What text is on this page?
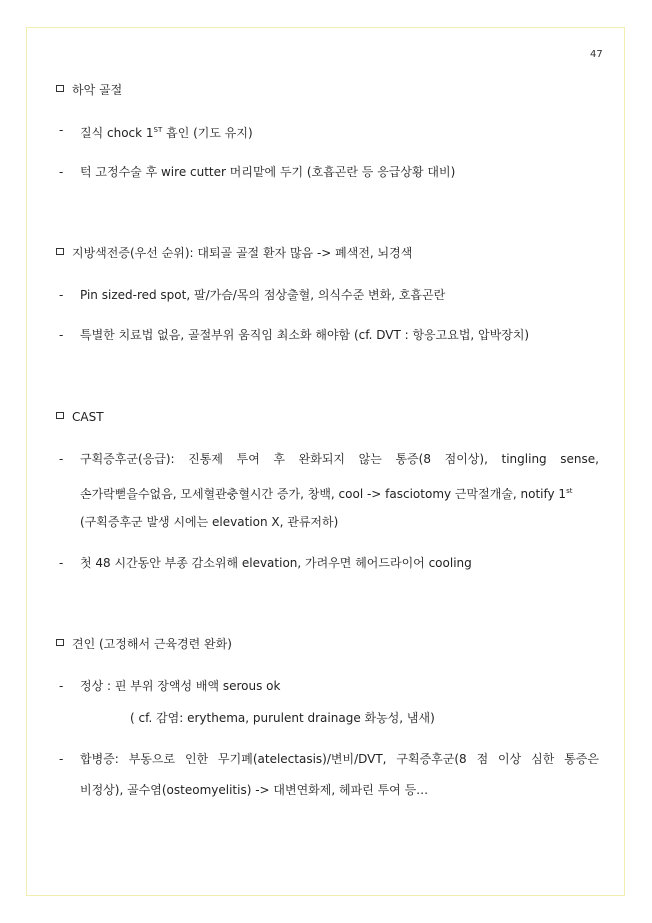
47
하악 골절
- 질식 chock 1ST 흡인 (기도 유지)
- 턱 고정수술 후 wire cutter 머리맡에 두기 (호흡곤란 등 응급상황 대비)
지방색전증(우선 순위): 대퇴골 골절 환자 많음 -> 폐색전, 뇌경색
- Pin sized-red spot, 팔/가슴/목의 점상출혈, 의식수준 변화, 호흡곤란
- 특별한 치료법 없음, 골절부위 움직임 최소화 해야함 (cf. DVT : 항응고요법, 압박장치)
CAST
- 구획증후군(응급): 진통제 투여 후 완화되지 않는 통증(8 점이상), tingling sense,
손가락뻗을수없음, 모세혈관충혈시간 증가, 창백, cool -> fasciotomy 근막절개술, notify 1st
(구획증후군 발생 시에는 elevation X, 관류저하)
- 첫 48 시간동안 부종 감소위해 elevation, 가려우면 헤어드라이어 cooling
견인 (고정해서 근육경련 완화)
- 정상 : 핀 부위 장액성 배액 serous ok
( cf. 감염: erythema, purulent drainage 화농성, 냄새)
- 합병증: 부동으로 인한 무기폐(atelectasis)/변비/DVT, 구획증후군(8 점 이상 심한 통증은
비정상), 골수염(osteomyelitis) -> 대변연화제, 헤파린 투여 등…
